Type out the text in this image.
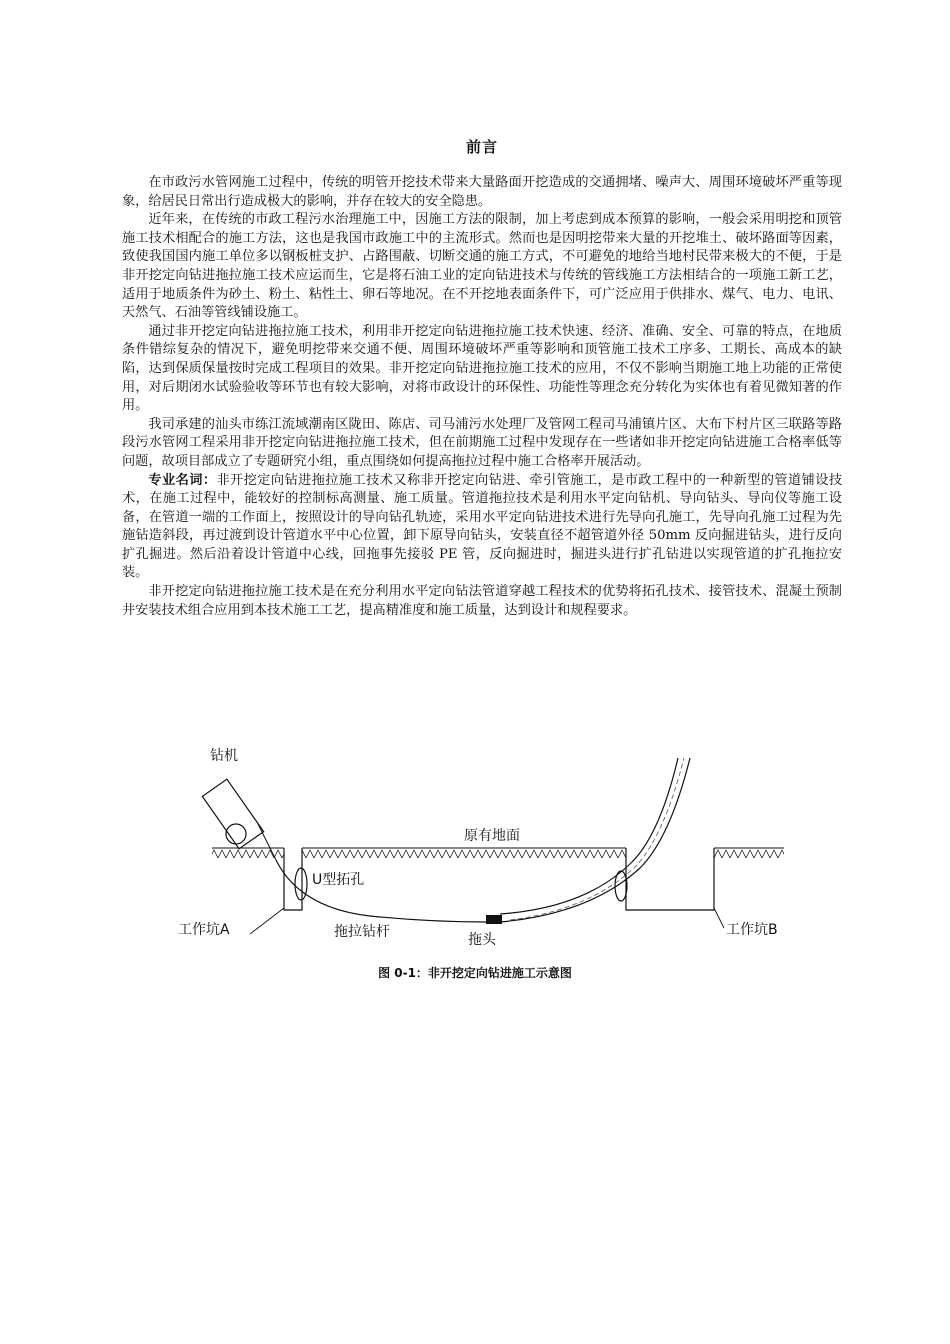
前言

在市政污水管网施工过程中，传统的明管开挖技术带来大量路面开挖造成的交通拥堵、噪声大、周围环境破坏严重等现象，给居民日常出行造成极大的影响，并存在较大的安全隐患。

近年来，在传统的市政工程污水治理施工中，因施工方法的限制，加上考虑到成本预算的影响，一般会采用明挖和顶管施工技术相配合的施工方法，这也是我国市政施工中的主流形式。然而也是因明挖带来大量的开挖堆土、破坏路面等因素，致使我国国内施工单位多以钢板桩支护、占路围蔽、切断交通的施工方式，不可避免的地给当地村民带来极大的不便，于是非开挖定向钻进拖拉施工技术应运而生，它是将石油工业的定向钻进技术与传统的管线施工方法相结合的一项施工新工艺，适用于地质条件为砂土、粉土、粘性土、卵石等地况。在不开挖地表面条件下，可广泛应用于供排水、煤气、电力、电讯、天然气、石油等管线铺设施工。

通过非开挖定向钻进拖拉施工技术，利用非开挖定向钻进拖拉施工技术快速、经济、准确、安全、可靠的特点，在地质条件错综复杂的情况下，避免明挖带来交通不便、周围环境破坏严重等影响和顶管施工技术工序多、工期长、高成本的缺陷，达到保质保量按时完成工程项目的效果。非开挖定向钻进拖拉施工技术的应用，不仅不影响当期施工地上功能的正常使用，对后期闭水试验验收等环节也有较大影响，对将市政设计的环保性、功能性等理念充分转化为实体也有着见微知著的作用。

我司承建的汕头市练江流域潮南区陇田、陈店、司马浦污水处理厂及管网工程司马浦镇片区、大布下村片区三联路等路段污水管网工程采用非开挖定向钻进拖拉施工技术，但在前期施工过程中发现存在一些诸如非开挖定向钻进施工合格率低等问题，故项目部成立了专题研究小组，重点围绕如何提高拖拉过程中施工合格率开展活动。

专业名词：非开挖定向钻进拖拉施工技术又称非开挖定向钻进、牵引管施工，是市政工程中的一种新型的管道铺设技术，在施工过程中，能较好的控制标高测量、施工质量。管道拖拉技术是利用水平定向钻机、导向钻头、导向仪等施工设备，在管道一端的工作面上，按照设计的导向钻孔轨迹，采用水平定向钻进技术进行先导向孔施工，先导向孔施工过程为先施钻造斜段，再过渡到设计管道水平中心位置，卸下原导向钻头，安装直径不超管道外径 50mm 反向掘进钻头，进行反向扩孔掘进。然后沿着设计管道中心线，回拖事先接驳 PE 管，反向掘进时，掘进头进行扩孔钻进以实现管道的扩孔拖拉安装。

非开挖定向钻进拖拉施工技术是在充分利用水平定向钻法管道穿越工程技术的优势将拓孔技术、接管技术、混凝土预制井安装技术组合应用到本技术施工工艺，提高精准度和施工质量，达到设计和规程要求。

钻机
原有地面
U型拓孔
工作坑A	拖拉钻杆	拖头
工作坑B
图 0-1：非开挖定向钻进施工示意图
